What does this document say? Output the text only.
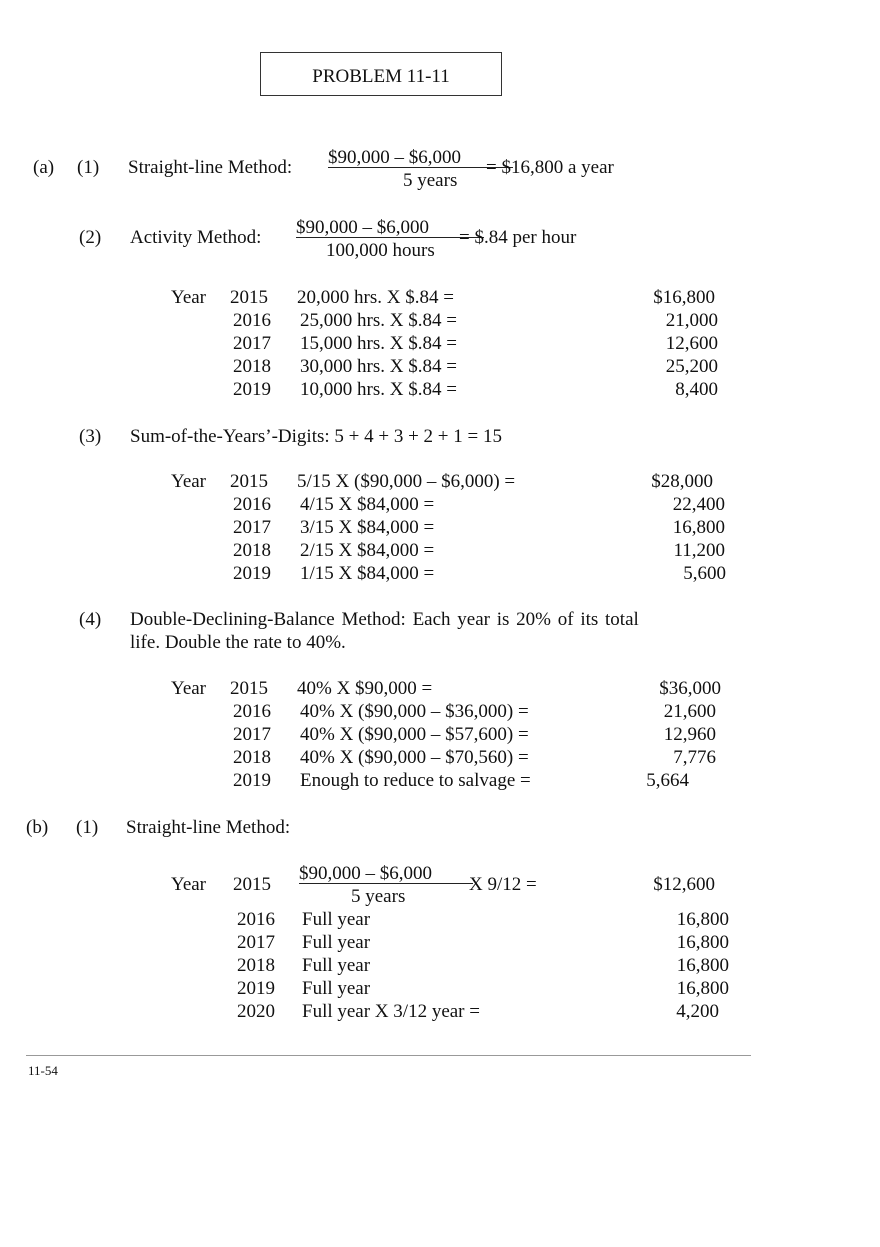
PROBLEM 11-11
(a) (1) Straight-line Method: $90,000 – $6,000
5 years
= $16,800 a year
(2) Activity Method: $90,000 – $6,000
100,000 hours
= $.84 per hour
Year 2015 20,000 hrs. X $.84 =	$16,800
2016 25,000 hrs. X $.84 =	21,000
2017 15,000 hrs. X $.84 =	12,600
2018 30,000 hrs. X $.84 =	25,200
2019 10,000 hrs. X $.84 =	8,400
(3) Sum-of-the-Years’-Digits: 5 + 4 + 3 + 2 + 1 = 15
Year 2015 5/15 X ($90,000 – $6,000) =	$28,000
2016 4/15 X $84,000 =	22,400
2017 3/15 X $84,000 =	16,800
2018 2/15 X $84,000 =	11,200
2019 1/15 X $84,000 =	5,600
(4) Double-Declining-Balance Method: Each year is 20% of its total
life. Double the rate to 40%.
Year 2015 40% X $90,000 =	$36,000
2016 40% X ($90,000 – $36,000) =	21,600
2017 40% X ($90,000 – $57,600) =	12,960
2018 40% X ($90,000 – $70,560) =	7,776
2019 Enough to reduce to salvage =	5,664
(b) (1) Straight-line Method:
Year 2015
$90,000 – $6,000
5 years
X 9/12 =	$12,600
2016 Full year	16,800
2017 Full year	16,800
2018 Full year	16,800
2019 Full year	16,800
2020 Full year X 3/12 year =	4,200
11-54
